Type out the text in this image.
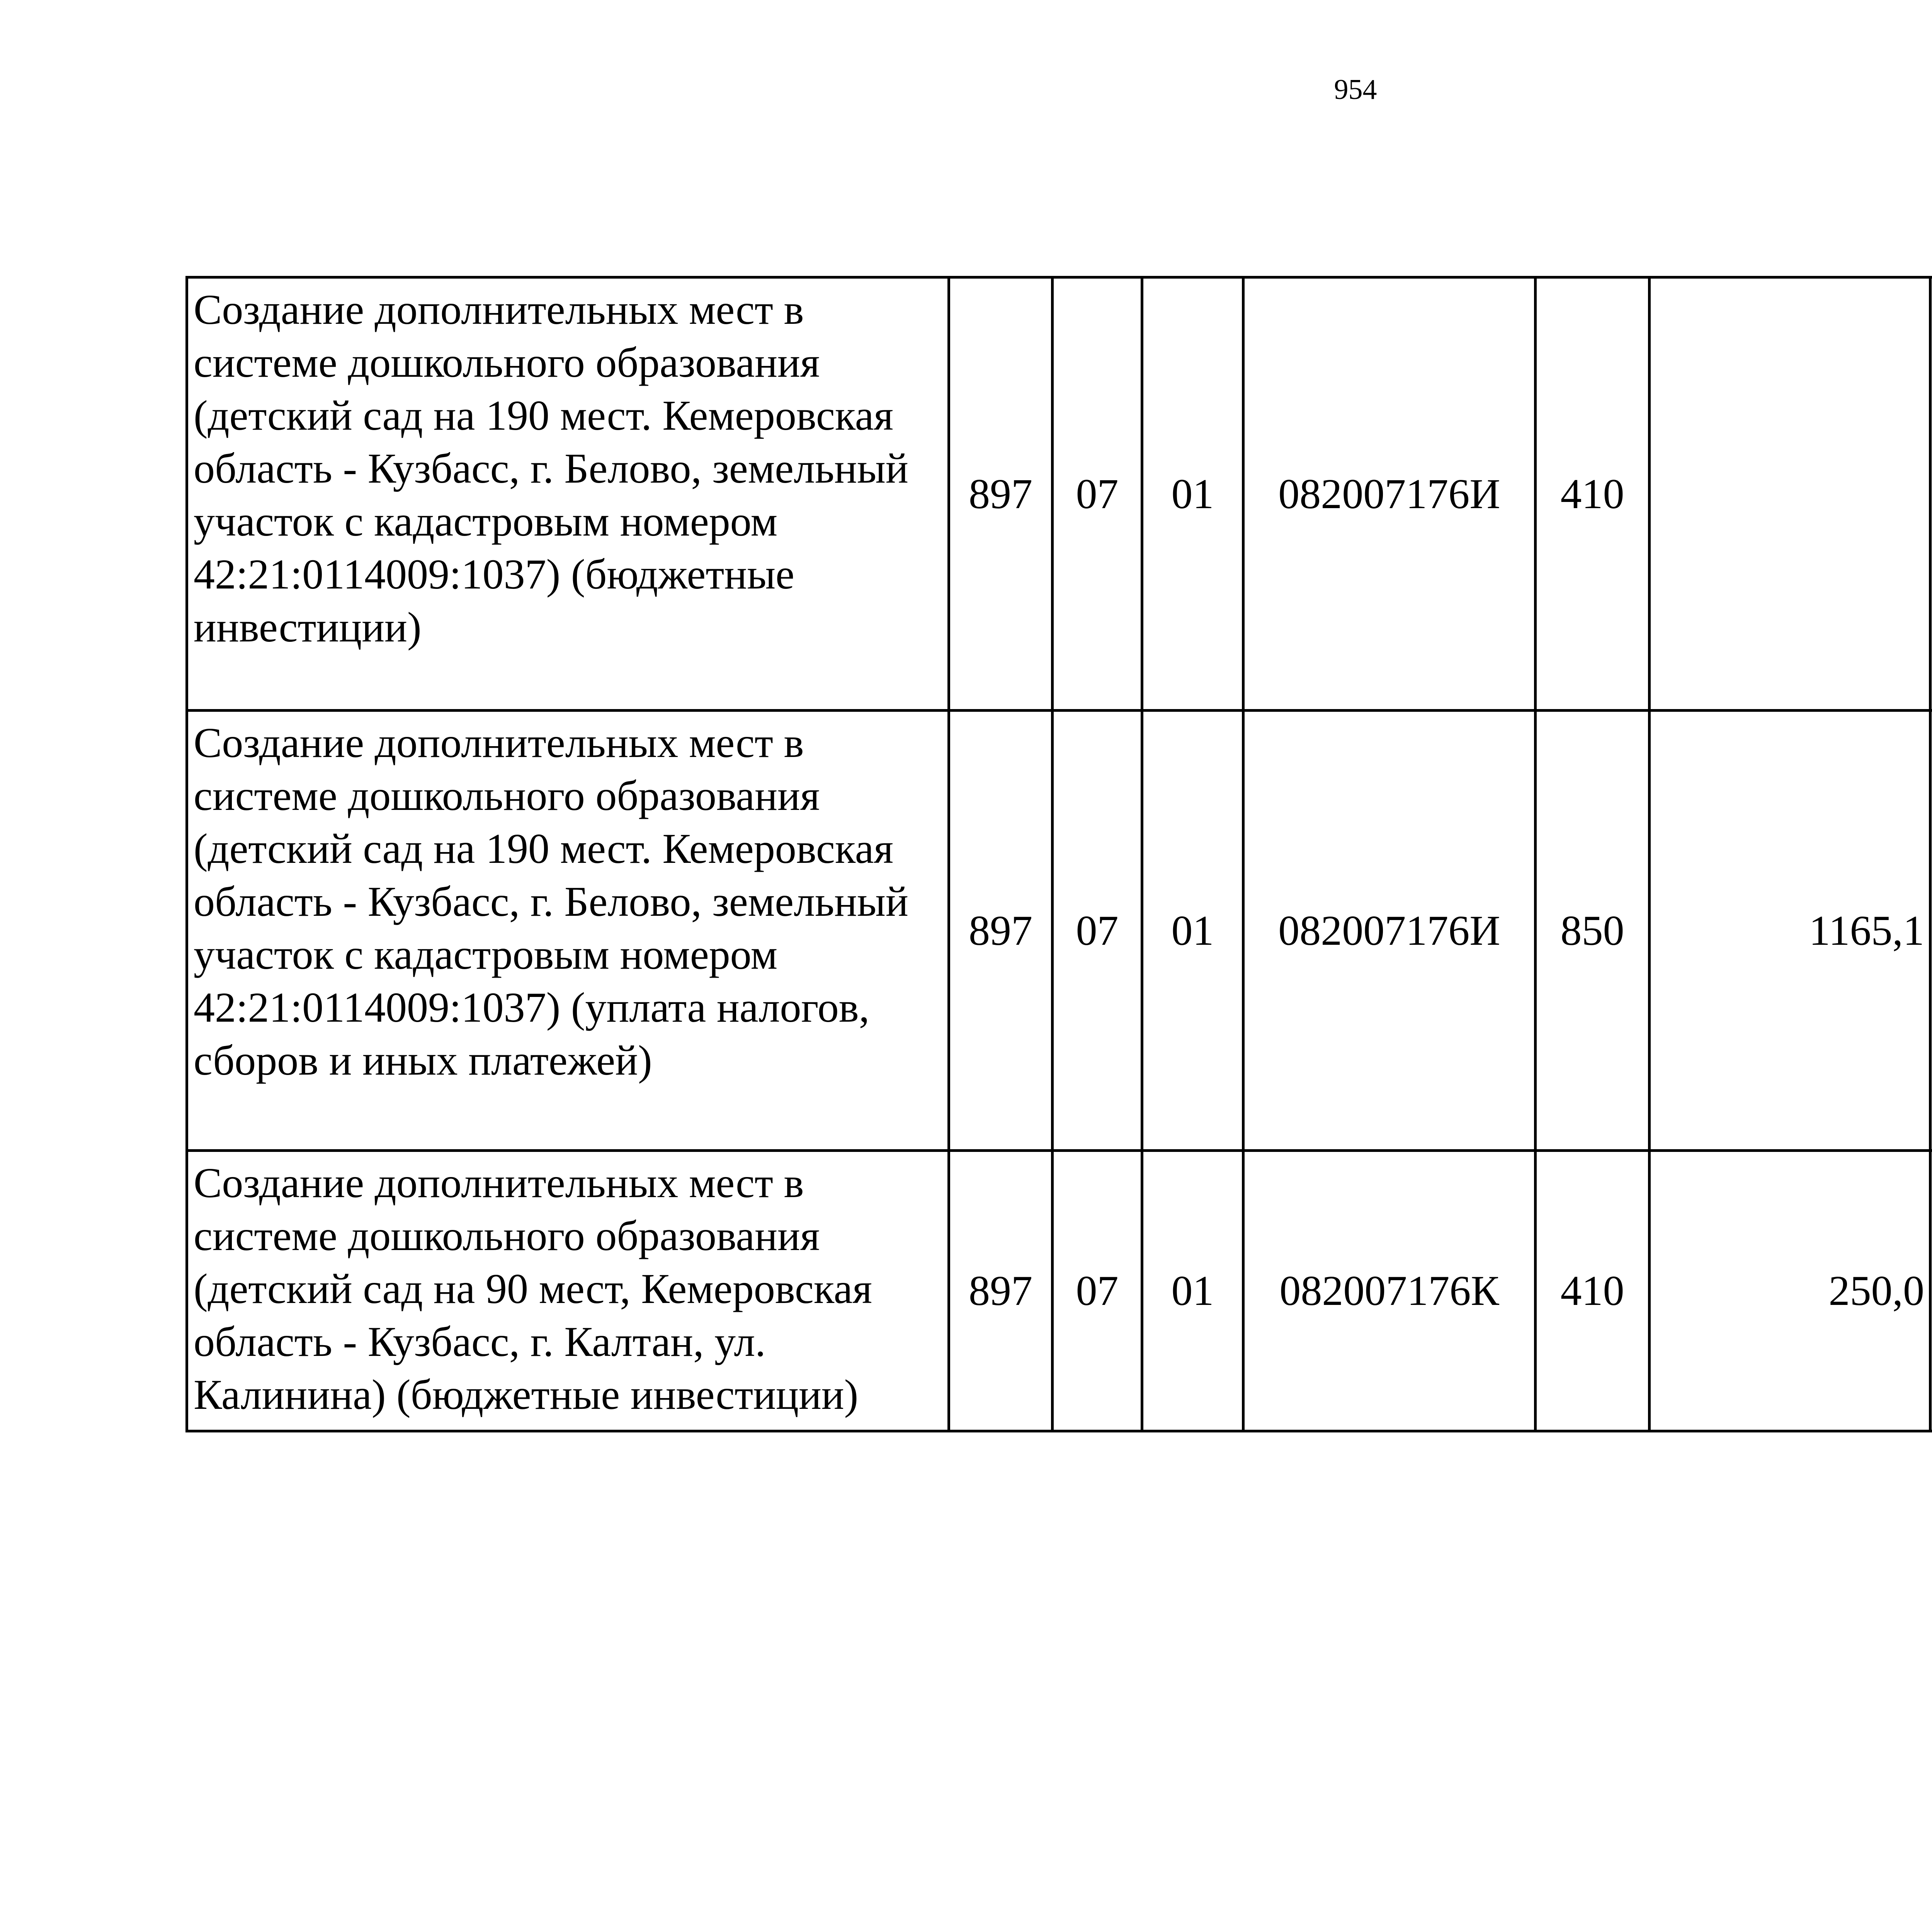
954
Создание дополнительных мест в системе дошкольного образования (детский сад на 190 мест. Кемеровская область - Кузбасс, г. Белово, земельный участок с кадастровым номером 42:21:0114009:1037) (бюджетные инвестиции)	897	07	01	082007176И	410			
Создание дополнительных мест в системе дошкольного образования (детский сад на 190 мест. Кемеровская область - Кузбасс, г. Белово, земельный участок с кадастровым номером 42:21:0114009:1037) (уплата налогов, сборов и иных платежей)	897	07	01	082007176И	850	1165,1		
Создание дополнительных мест в системе дошкольного образования (детский сад на 90 мест, Кемеровская область - Кузбасс, г. Калтан, ул. Калинина) (бюджетные инвестиции)	897	07	01	082007176К	410	250,0		
